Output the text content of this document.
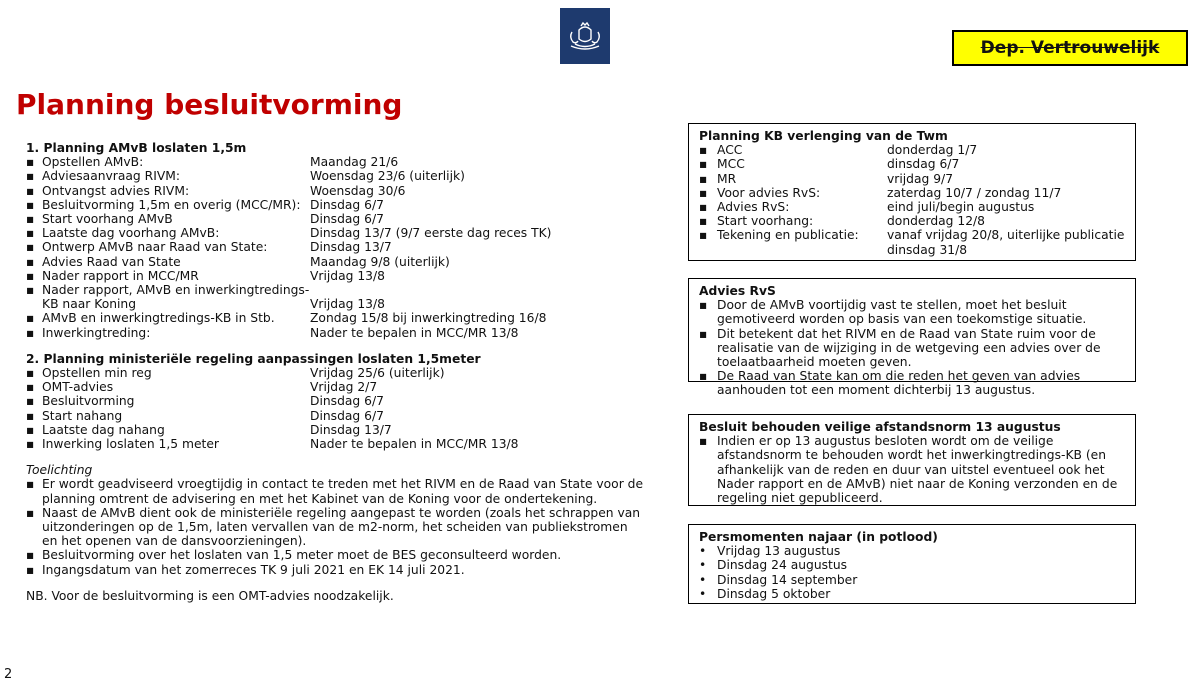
Dep. Vertrouwelijk
Planning besluitvorming
1. Planning AMvB loslaten 1,5m
▪ Opstellen AMvB:	Maandag 21/6
▪ Adviesaanvraag RIVM:	Woensdag 23/6 (uiterlijk)
▪ Ontvangst advies RIVM:	Woensdag 30/6
▪ Besluitvorming 1,5m en overig (MCC/MR): Dinsdag 6/7
▪ Start voorhang AMvB	Dinsdag 6/7
▪ Laatste dag voorhang AMvB:	Dinsdag 13/7 (9/7 eerste dag reces TK)
▪ Ontwerp AMvB naar Raad van State:	Dinsdag 13/7
▪ Advies Raad van State	Maandag 9/8 (uiterlijk)
▪ Nader rapport in MCC/MR	Vrijdag 13/8
▪ Nader rapport, AMvB en inwerkingtredings-
KB naar Koning	Vrijdag 13/8
▪ AMvB en inwerkingtredings-KB in Stb.	Zondag 15/8 bij inwerkingtreding 16/8
▪ Inwerkingtreding:	Nader te bepalen in MCC/MR 13/8
2. Planning ministeriële regeling aanpassingen loslaten 1,5meter
▪ Opstellen min reg	Vrijdag 25/6 (uiterlijk)
▪ OMT-advies	Vrijdag 2/7
▪ Besluitvorming	Dinsdag 6/7
▪ Start nahang	Dinsdag 6/7
▪ Laatste dag nahang	Dinsdag 13/7
▪ Inwerking loslaten 1,5 meter	Nader te bepalen in MCC/MR 13/8
Toelichting
▪ Er wordt geadviseerd vroegtijdig in contact te treden met het RIVM en de Raad van State voor de planning omtrent de advisering en met het Kabinet van de Koning voor de ondertekening.
▪ Naast de AMvB dient ook de ministeriële regeling aangepast te worden (zoals het schrappen van uitzonderingen op de 1,5m, laten vervallen van de m2-norm, het scheiden van publiekstromen en het openen van de dansvoorzieningen).
▪ Besluitvorming over het loslaten van 1,5 meter moet de BES geconsulteerd worden.
▪ Ingangsdatum van het zomerreces TK 9 juli 2021 en EK 14 juli 2021.
NB. Voor de besluitvorming is een OMT-advies noodzakelijk.
Planning KB verlenging van de Twm
▪ ACC	donderdag 1/7
▪ MCC	dinsdag 6/7
▪ MR	vrijdag 9/7
▪ Voor advies RvS:	zaterdag 10/7 / zondag 11/7
▪ Advies RvS:	eind juli/begin augustus
▪ Start voorhang:	donderdag 12/8
▪ Tekening en publicatie:	vanaf vrijdag 20/8, uiterlijke publicatie
dinsdag 31/8
Advies RvS
▪ Door de AMvB voortijdig vast te stellen, moet het besluit gemotiveerd worden op basis van een toekomstige situatie.
▪ Dit betekent dat het RIVM en de Raad van State ruim voor de realisatie van de wijziging in de wetgeving een advies over de toelaatbaarheid moeten geven.
▪ De Raad van State kan om die reden het geven van advies aanhouden tot een moment dichterbij 13 augustus.
Besluit behouden veilige afstandsnorm 13 augustus
▪ Indien er op 13 augustus besloten wordt om de veilige afstandsnorm te behouden wordt het inwerkingtredings-KB (en afhankelijk van de reden en duur van uitstel eventueel ook het Nader rapport en de AMvB) niet naar de Koning verzonden en de regeling niet gepubliceerd.
Persmomenten najaar (in potlood)
• Vrijdag 13 augustus
• Dinsdag 24 augustus
• Dinsdag 14 september
• Dinsdag 5 oktober
2
